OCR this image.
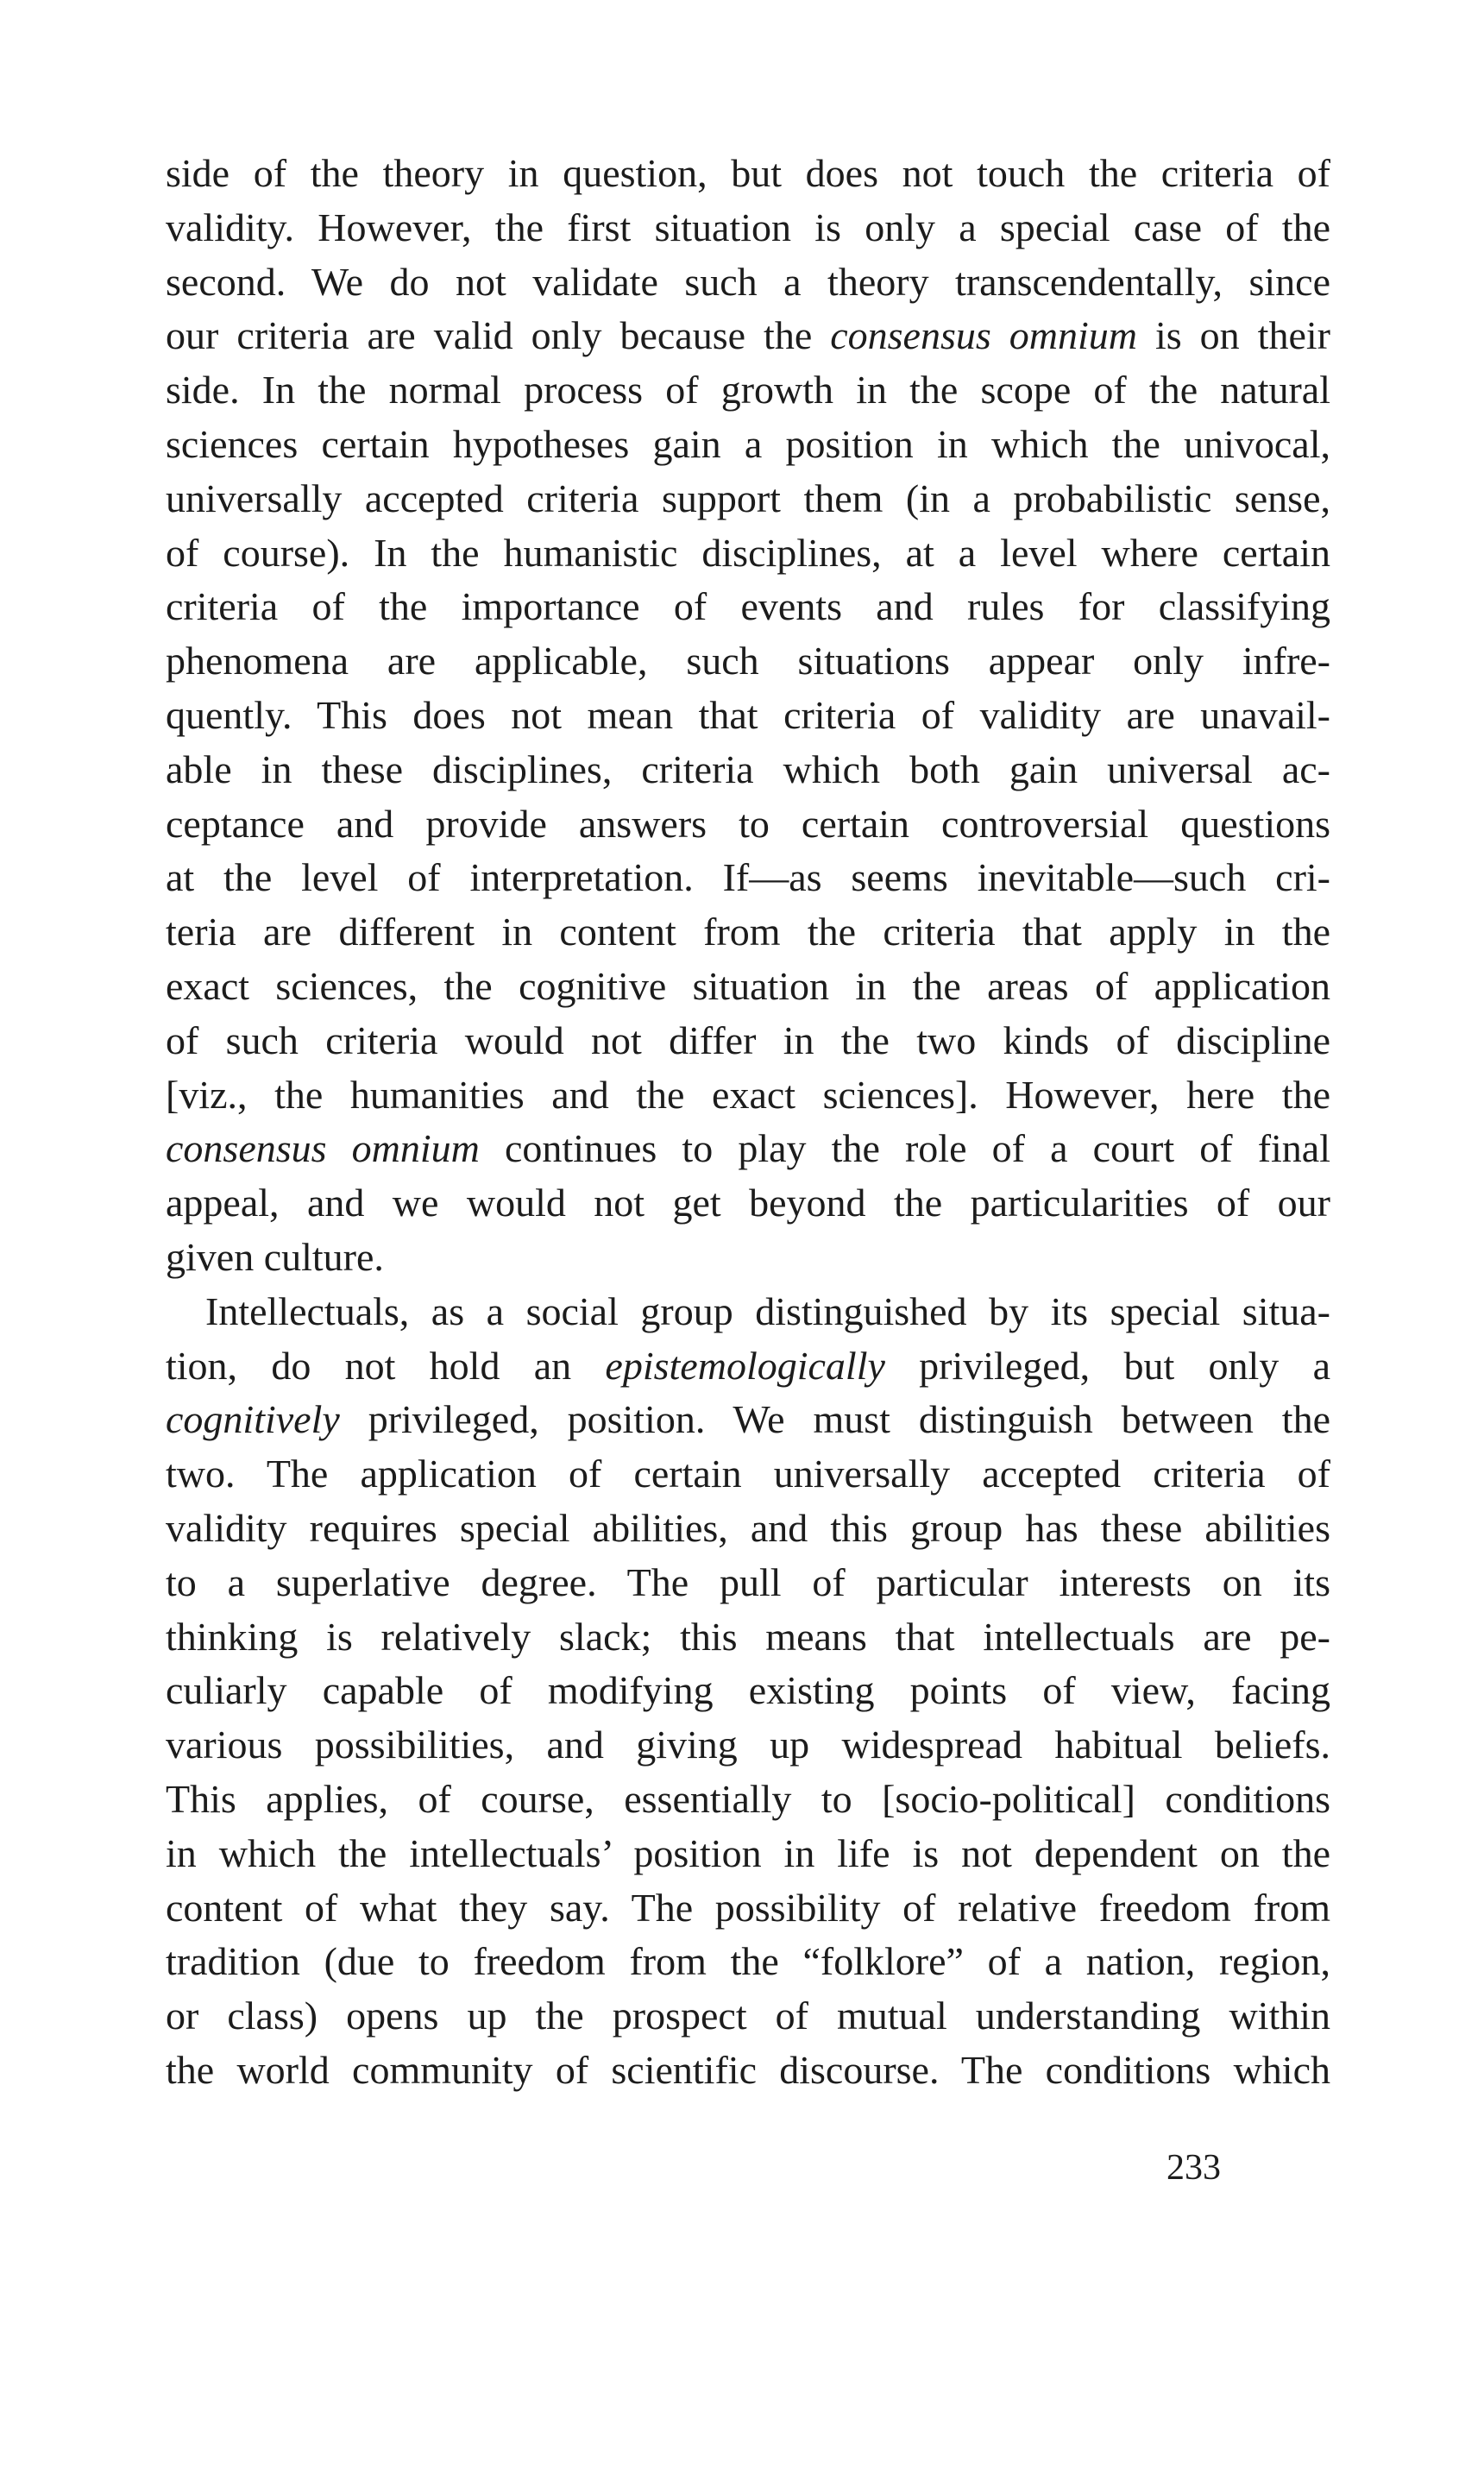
side of the theory in question, but does not touch the criteria of
validity. However, the first situation is only a special case of the
second. We do not validate such a theory transcendentally, since
our criteria are valid only because the consensus omnium is on their
side. In the normal process of growth in the scope of the natural
sciences certain hypotheses gain a position in which the univocal,
universally accepted criteria support them (in a probabilistic sense,
of course). In the humanistic disciplines, at a level where certain
criteria of the importance of events and rules for classifying
phenomena are applicable, such situations appear only infre-
quently. This does not mean that criteria of validity are unavail-
able in these disciplines, criteria which both gain universal ac-
ceptance and provide answers to certain controversial questions
at the level of interpretation. If—as seems inevitable—such cri-
teria are different in content from the criteria that apply in the
exact sciences, the cognitive situation in the areas of application
of such criteria would not differ in the two kinds of discipline
[viz., the humanities and the exact sciences]. However, here the
consensus omnium continues to play the role of a court of final
appeal, and we would not get beyond the particularities of our
given culture.
Intellectuals, as a social group distinguished by its special situa-
tion, do not hold an epistemologically privileged, but only a
cognitively privileged, position. We must distinguish between the
two. The application of certain universally accepted criteria of
validity requires special abilities, and this group has these abilities
to a superlative degree. The pull of particular interests on its
thinking is relatively slack; this means that intellectuals are pe-
culiarly capable of modifying existing points of view, facing
various possibilities, and giving up widespread habitual beliefs.
This applies, of course, essentially to [socio-political] conditions
in which the intellectuals’ position in life is not dependent on the
content of what they say. The possibility of relative freedom from
tradition (due to freedom from the “folklore” of a nation, region,
or class) opens up the prospect of mutual understanding within
the world community of scientific discourse. The conditions which
233
